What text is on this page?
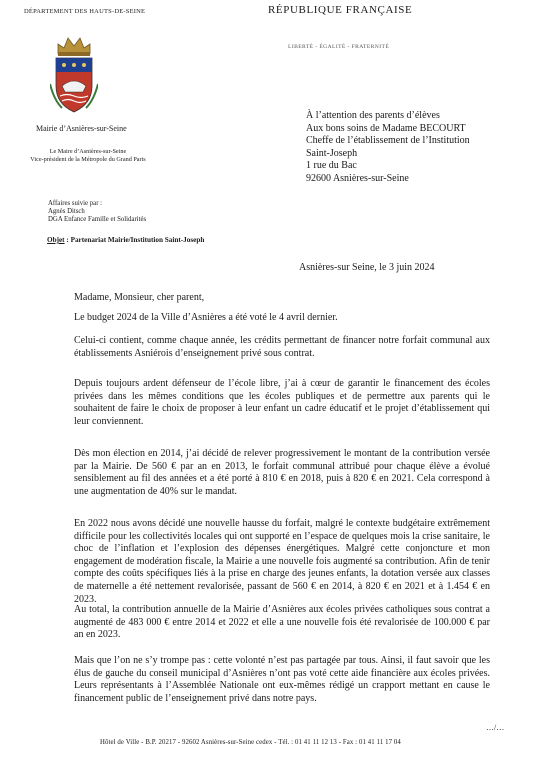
DÉPARTEMENT DES HAUTS-DE-SEINE	RÉPUBLIQUE FRANÇAISE
LIBERTÉ - ÉGALITÉ - FRATERNITÉ
Mairie d’Asnières-sur-Seine
Le Maire d’Asnières-sur-Seine
Vice-président de la Métropole du Grand Paris
À l’attention des parents d’élèves
Aux bons soins de Madame BECOURT
Cheffe de l’établissement de l’Institution
Saint-Joseph
1 rue du Bac
92600 Asnières-sur-Seine
Affaires suivie par :
Agnès Ditsch
DGA Enfance Famille et Solidarités
Objet : Partenariat Mairie/Institution Saint-Joseph
Asnières-sur Seine, le 3 juin 2024
Madame, Monsieur, cher parent,
Le budget 2024 de la Ville d’Asnières a été voté le 4 avril dernier.
Celui-ci contient, comme chaque année, les crédits permettant de financer notre forfait communal aux établissements Asniérois d’enseignement privé sous contrat.
Depuis toujours ardent défenseur de l’école libre, j’ai à cœur de garantir le financement des écoles privées dans les mêmes conditions que les écoles publiques et de permettre aux parents qui le souhaitent de faire le choix de proposer à leur enfant un cadre éducatif et le projet d’établissement qui leur conviennent.
Dès mon élection en 2014, j’ai décidé de relever progressivement le montant de la contribution versée par la Mairie. De 560 € par an en 2013, le forfait communal attribué pour chaque élève a évolué sensiblement au fil des années et a été porté à 810 € en 2018, puis à 820 € en 2021. Cela correspond à une augmentation de 40% sur le mandat.
En 2022 nous avons décidé une nouvelle hausse du forfait, malgré le contexte budgétaire extrêmement difficile pour les collectivités locales qui ont supporté en l’espace de quelques mois la crise sanitaire, le choc de l’inflation et l’explosion des dépenses énergétiques. Malgré cette conjoncture et mon engagement de modération fiscale, la Mairie a une nouvelle fois augmenté sa contribution. Afin de tenir compte des coûts spécifiques liés à la prise en charge des jeunes enfants, la dotation versée aux classes de maternelle a été nettement revalorisée, passant de 560 € en 2014, à 820 € en 2021 et à 1.454 € en 2023.
Au total, la contribution annuelle de la Mairie d’Asnières aux écoles privées catholiques sous contrat a augmenté de 483 000 € entre 2014 et 2022 et elle a une nouvelle fois été revalorisée de 100.000 € par an en 2023.
Mais que l’on ne s’y trompe pas : cette volonté n’est pas partagée par tous. Ainsi, il faut savoir que les élus de gauche du conseil municipal d’Asnières n’ont pas voté cette aide financière aux écoles privées. Leurs représentants à l’Assemblée Nationale ont eux-mêmes rédigé un crapport mettant en cause le financement public de l’enseignement privé dans notre pays.
…/…
Hôtel de Ville - B.P. 20217 - 92602 Asnières-sur-Seine cedex - Tél. : 01 41 11 12 13 - Fax : 01 41 11 17 04
